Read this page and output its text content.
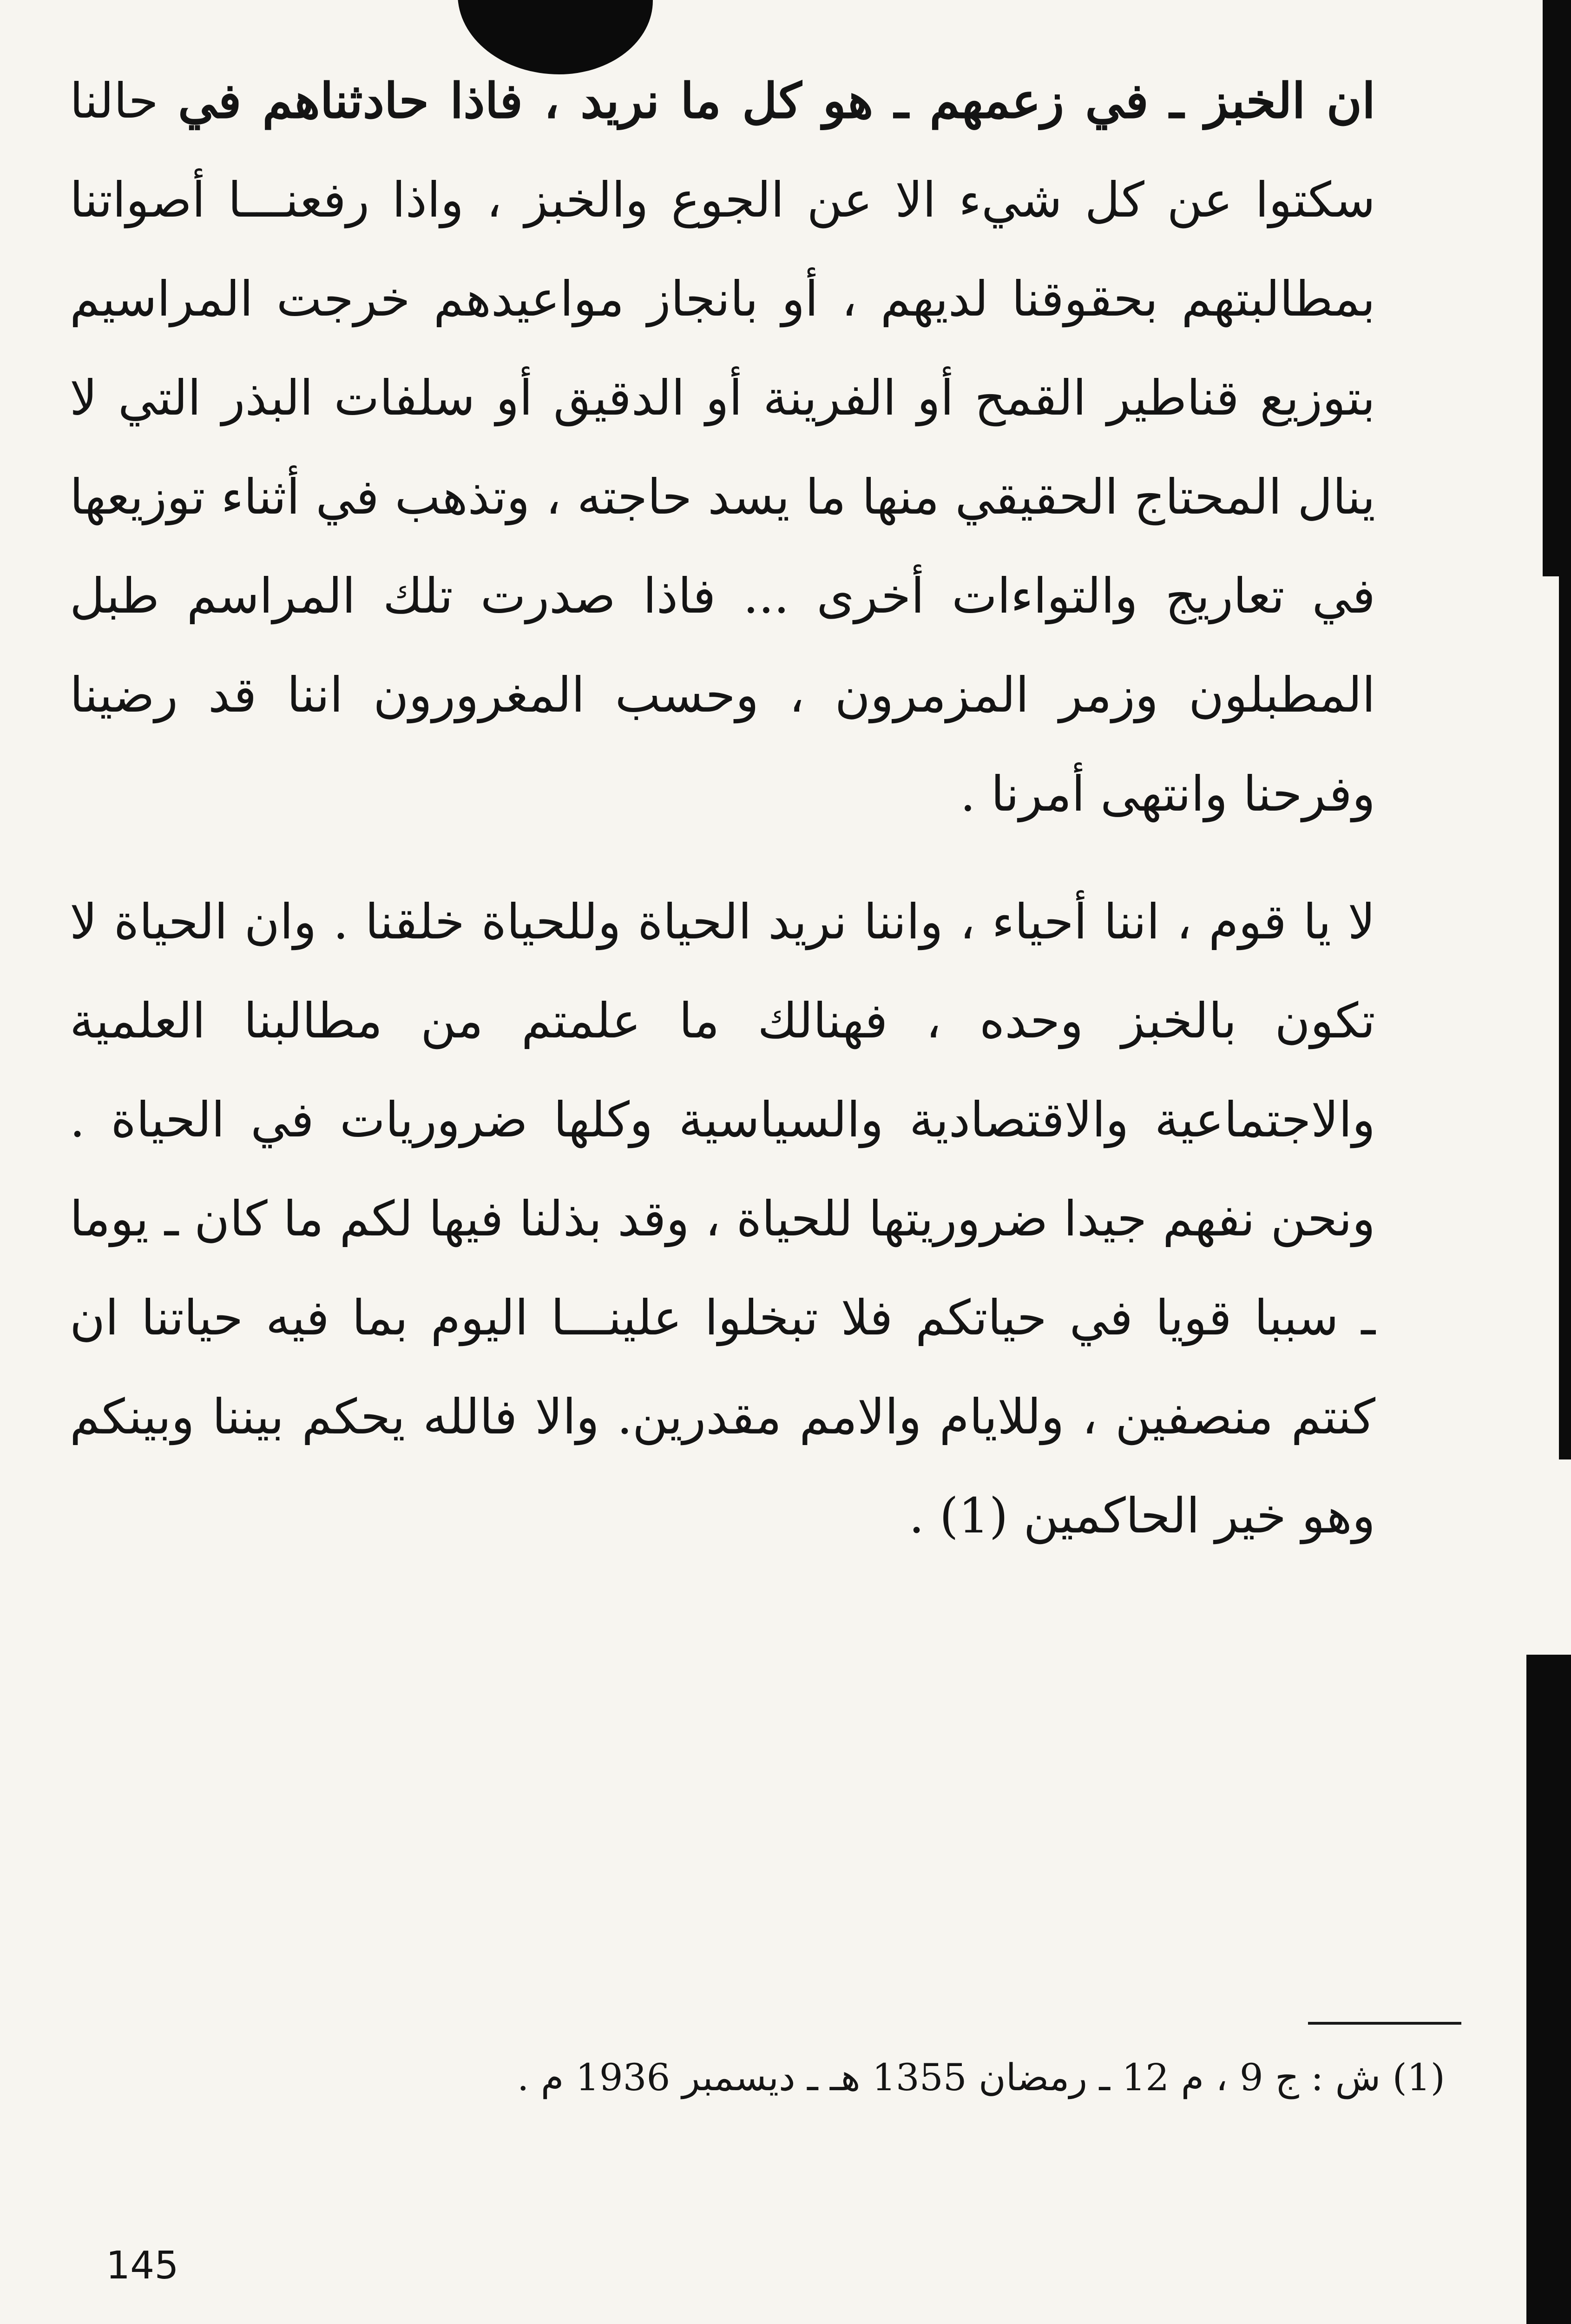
ان الخبز ـ في زعمهم ـ هو كل ما نريد ، فاذا حادثناهم في حالنا سكتوا عن كل شيء الا عن الجوع والخبز ، واذا رفعنـــا أصواتنا بمطالبتهم بحقوقنا لديهم ، أو بانجاز مواعيدهم خرجت المراسيم بتوزيع قناطير القمح أو الفرينة أو الدقيق أو سلفات البذر التي لا ينال المحتاج الحقيقي منها ما يسد حاجته ، وتذهب في أثناء توزيعها في تعاريج والتواءات أخرى ... فاذا صدرت تلك المراسم طبل المطبلون وزمر المزمرون ، وحسب المغرورون اننا قد رضينا وفرحنا وانتهى أمرنا .

لا يا قوم ، اننا أحياء ، واننا نريد الحياة وللحياة خلقنا . وان الحياة لا تكون بالخبز وحده ، فهنالك ما علمتم من مطالبنا العلمية والاجتماعية والاقتصادية والسياسية وكلها ضروريات في الحياة . ونحن نفهم جيدا ضروريتها للحياة ، وقد بذلنا فيها لكم ما كان ـ يوما ـ سببا قويا في حياتكم فلا تبخلوا علينـــا اليوم بما فيه حياتنا ان كنتم منصفين ، وللايام والامم مقدرين. والا فالله يحكم بيننا وبينكم وهو خير الحاكمين (1) .

(1) ش : ج 9 ، م 12 ـ رمضان 1355 هـ ـ ديسمبر 1936 م .
145
